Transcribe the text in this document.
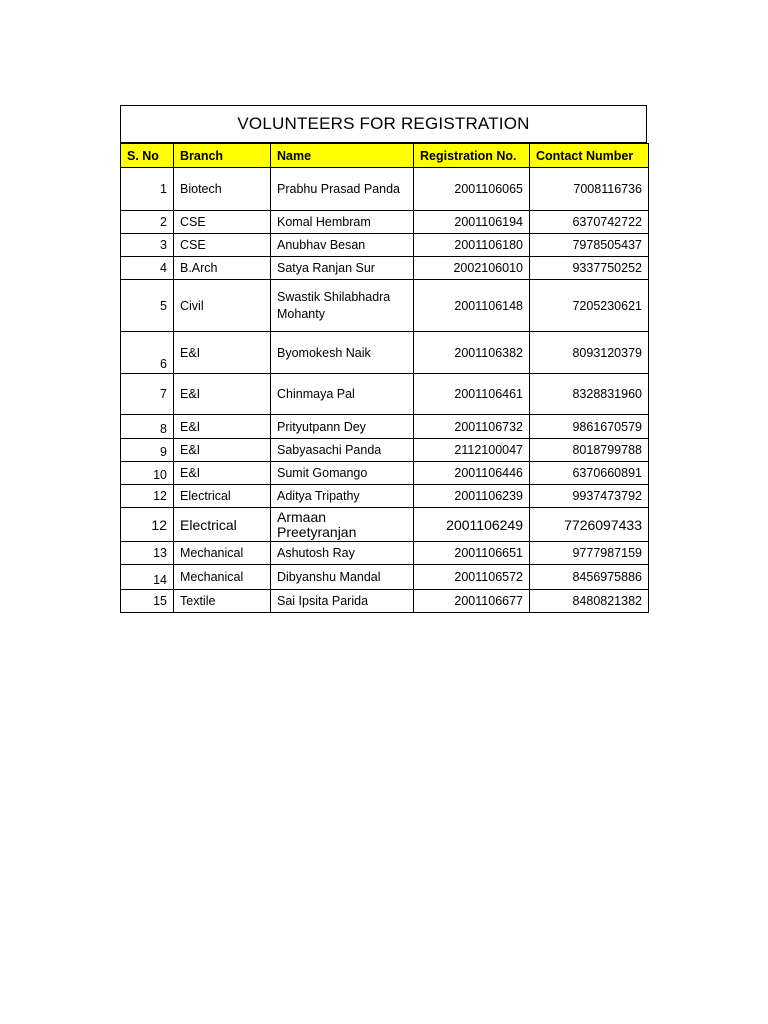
VOLUNTEERS FOR REGISTRATION
S. No	Branch	Name	Registration No.	Contact Number
1	Biotech	Prabhu Prasad Panda	2001106065	7008116736
2	CSE	Komal Hembram	2001106194	6370742722
3	CSE	Anubhav Besan	2001106180	7978505437
4	B.Arch	Satya Ranjan Sur	2002106010	9337750252
5	Civil	Swastik Shilabhadra Mohanty	2001106148	7205230621
6	E&I	Byomokesh Naik	2001106382	8093120379
7	E&I	Chinmaya Pal	2001106461	8328831960
8	E&I	Prityutpann Dey	2001106732	9861670579
9	E&I	Sabyasachi Panda	2112100047	8018799788
10	E&I	Sumit Gomango	2001106446	6370660891
12	Electrical	Aditya Tripathy	2001106239	9937473792
12	Electrical	Armaan Preetyranjan	2001106249	7726097433
13	Mechanical	Ashutosh Ray	2001106651	9777987159
14	Mechanical	Dibyanshu Mandal	2001106572	8456975886
15	Textile	Sai Ipsita Parida	2001106677	8480821382
